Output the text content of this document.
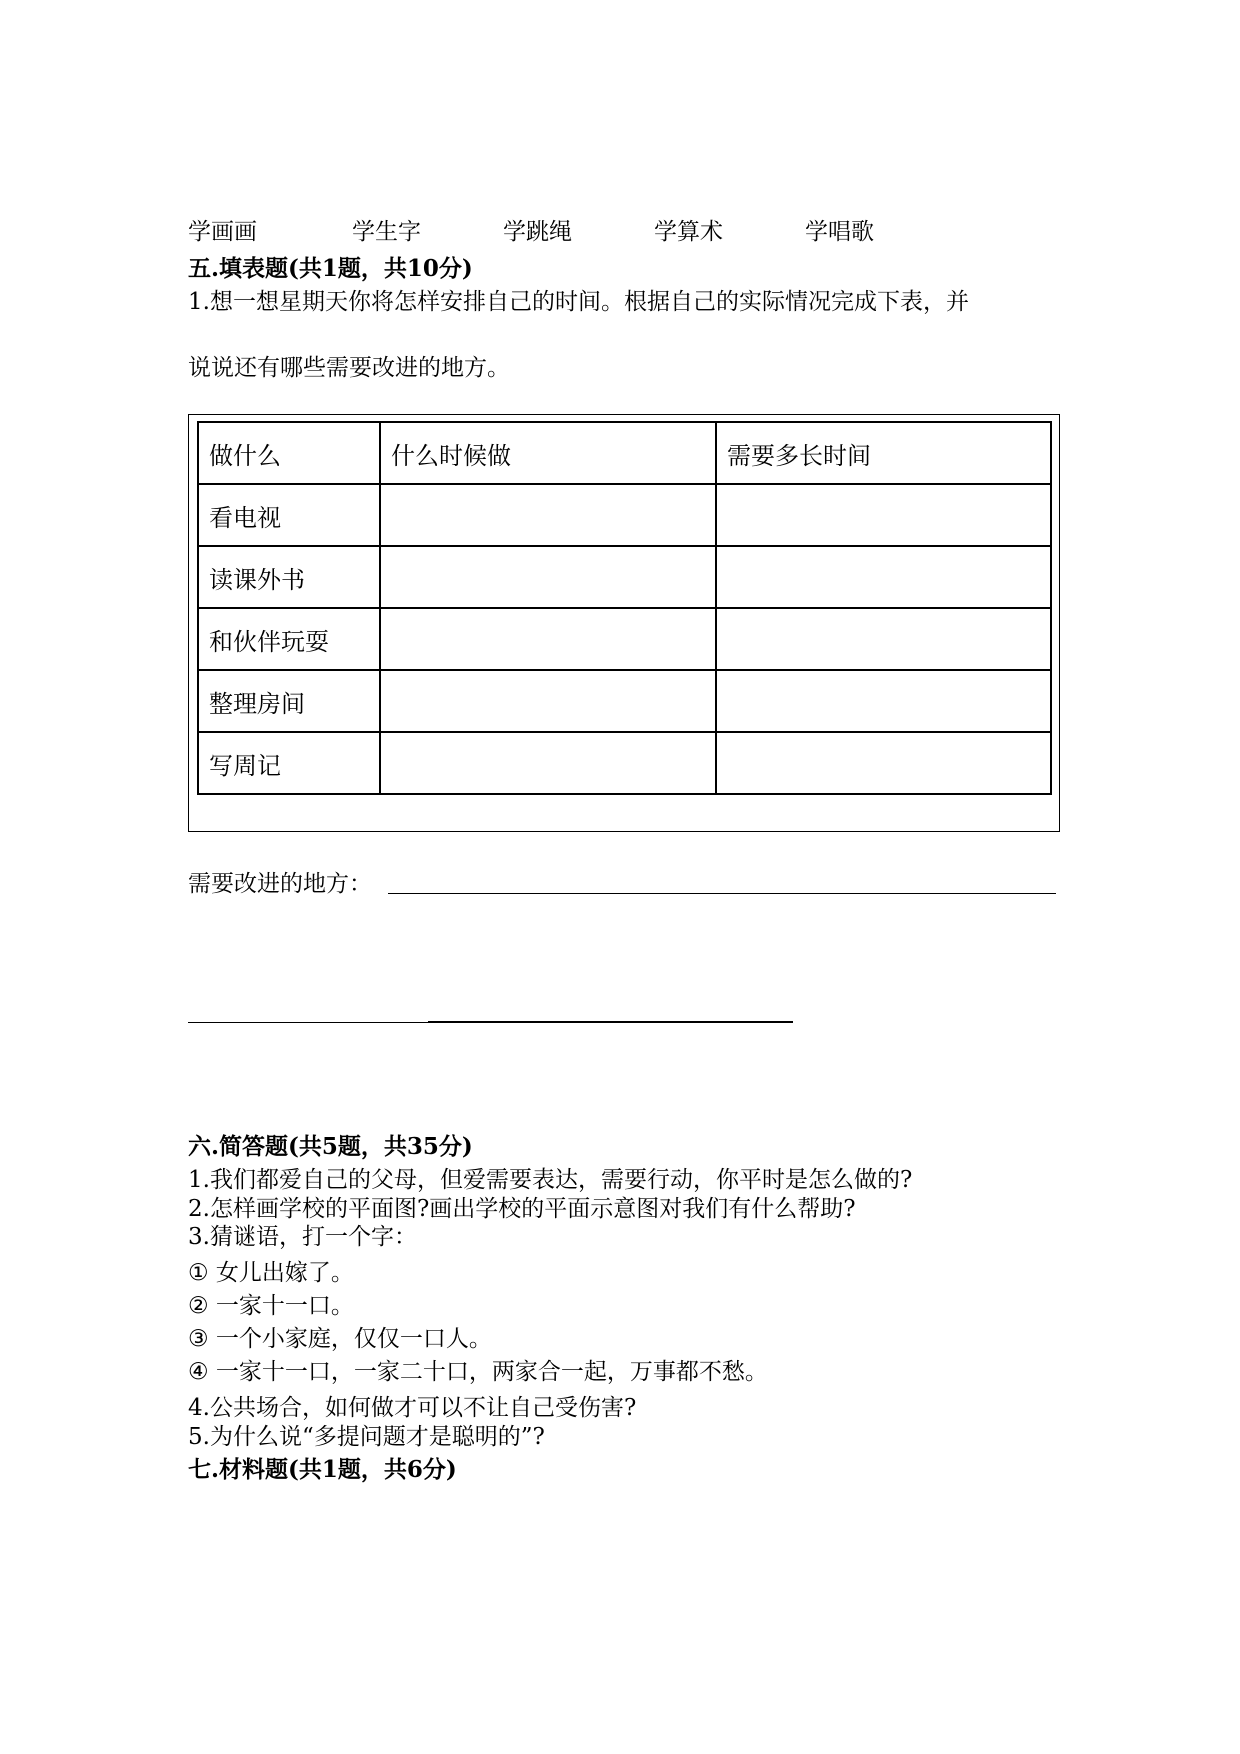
学画画	学生字	学跳绳	学算术	学唱歌
五.填表题(共1题，共10分)
1.想一想星期天你将怎样安排自己的时间。根据自己的实际情况完成下表，并
说说还有哪些需要改进的地方。
做什么	什么时候做	需要多长时间
看电视		
读课外书		
和伙伴玩耍		
整理房间		
写周记		
需要改进的地方：
六.简答题(共5题，共35分)
1.我们都爱自己的父母，但爱需要表达，需要行动，你平时是怎么做的?
2.怎样画学校的平面图?画出学校的平面示意图对我们有什么帮助?
3.猜谜语，打一个字：
① 女儿出嫁了。
② 一家十一口。
③ 一个小家庭，仅仅一口人。
④ 一家十一口，一家二十口，两家合一起，万事都不愁。
4.公共场合，如何做才可以不让自己受伤害?
5.为什么说“多提问题才是聪明的”?
七.材料题(共1题，共6分)
